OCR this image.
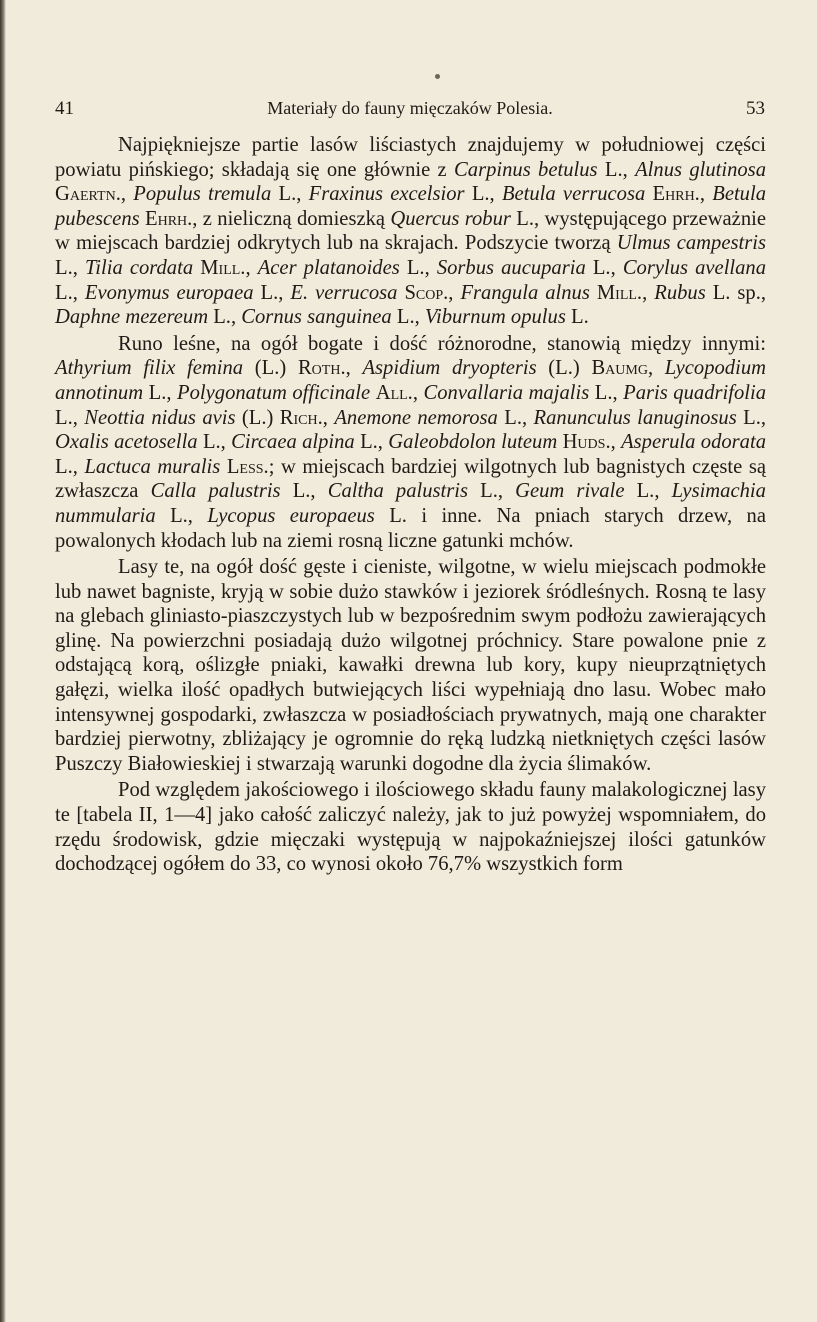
41	Materiały do fauny mięczaków Polesia.	53

Najpiękniejsze partie lasów liściastych znajdujemy w południowej części powiatu pińskiego; składają się one głównie z Carpinus betulus L., Alnus glutinosa Gaertn., Populus tremula L., Fraxinus excelsior L., Betula verrucosa Ehrh., Betula pubescens Ehrh., z nieliczną domieszką Quercus robur L., występującego przeważnie w miejscach bardziej odkrytych lub na skrajach. Podszycie tworzą Ulmus campestris L., Tilia cordata Mill., Acer platanoides L., Sorbus aucuparia L., Corylus avellana L., Evonymus europaea L., E. verrucosa Scop., Frangula alnus Mill., Rubus L. sp., Daphne mezereum L., Cornus sanguinea L., Viburnum opulus L.

Runo leśne, na ogół bogate i dość różnorodne, stanowią między innymi: Athyrium filix femina (L.) Roth., Aspidium dryopteris (L.) Baumg, Lycopodium annotinum L., Polygonatum officinale All., Convallaria majalis L., Paris quadrifolia L., Neottia nidus avis (L.) Rich., Anemone nemorosa L., Ranunculus lanuginosus L., Oxalis acetosella L., Circaea alpina L., Galeobdolon luteum Huds., Asperula odorata L., Lactuca muralis Less.; w miejscach bardziej wilgotnych lub bagnistych częste są zwłaszcza Calla palustris L., Caltha palustris L., Geum rivale L., Lysimachia nummularia L., Lycopus europaeus L. i inne. Na pniach starych drzew, na powalonych kłodach lub na ziemi rosną liczne gatunki mchów.

Lasy te, na ogół dość gęste i cieniste, wilgotne, w wielu miejscach podmokłe lub nawet bagniste, kryją w sobie dużo stawków i jeziorek śródleśnych. Rosną te lasy na glebach gliniasto-piaszczystych lub w bezpośrednim swym podłożu zawierających glinę. Na powierzchni posiadają dużo wilgotnej próchnicy. Stare powalone pnie z odstającą korą, oślizgłe pniaki, kawałki drewna lub kory, kupy nieuprzątniętych gałęzi, wielka ilość opadłych butwiejących liści wypełniają dno lasu. Wobec mało intensywnej gospodarki, zwłaszcza w posiadłościach prywatnych, mają one charakter bardziej pierwotny, zbliżający je ogromnie do ręką ludzką nietkniętych części lasów Puszczy Białowieskiej i stwarzają warunki dogodne dla życia ślimaków.

Pod względem jakościowego i ilościowego składu fauny malakologicznej lasy te [tabela II, 1—4] jako całość zaliczyć należy, jak to już powyżej wspomniałem, do rzędu środowisk, gdzie mięczaki występują w najpokaźniejszej ilości gatunków dochodzącej ogółem do 33, co wynosi około 76,7% wszystkich form
